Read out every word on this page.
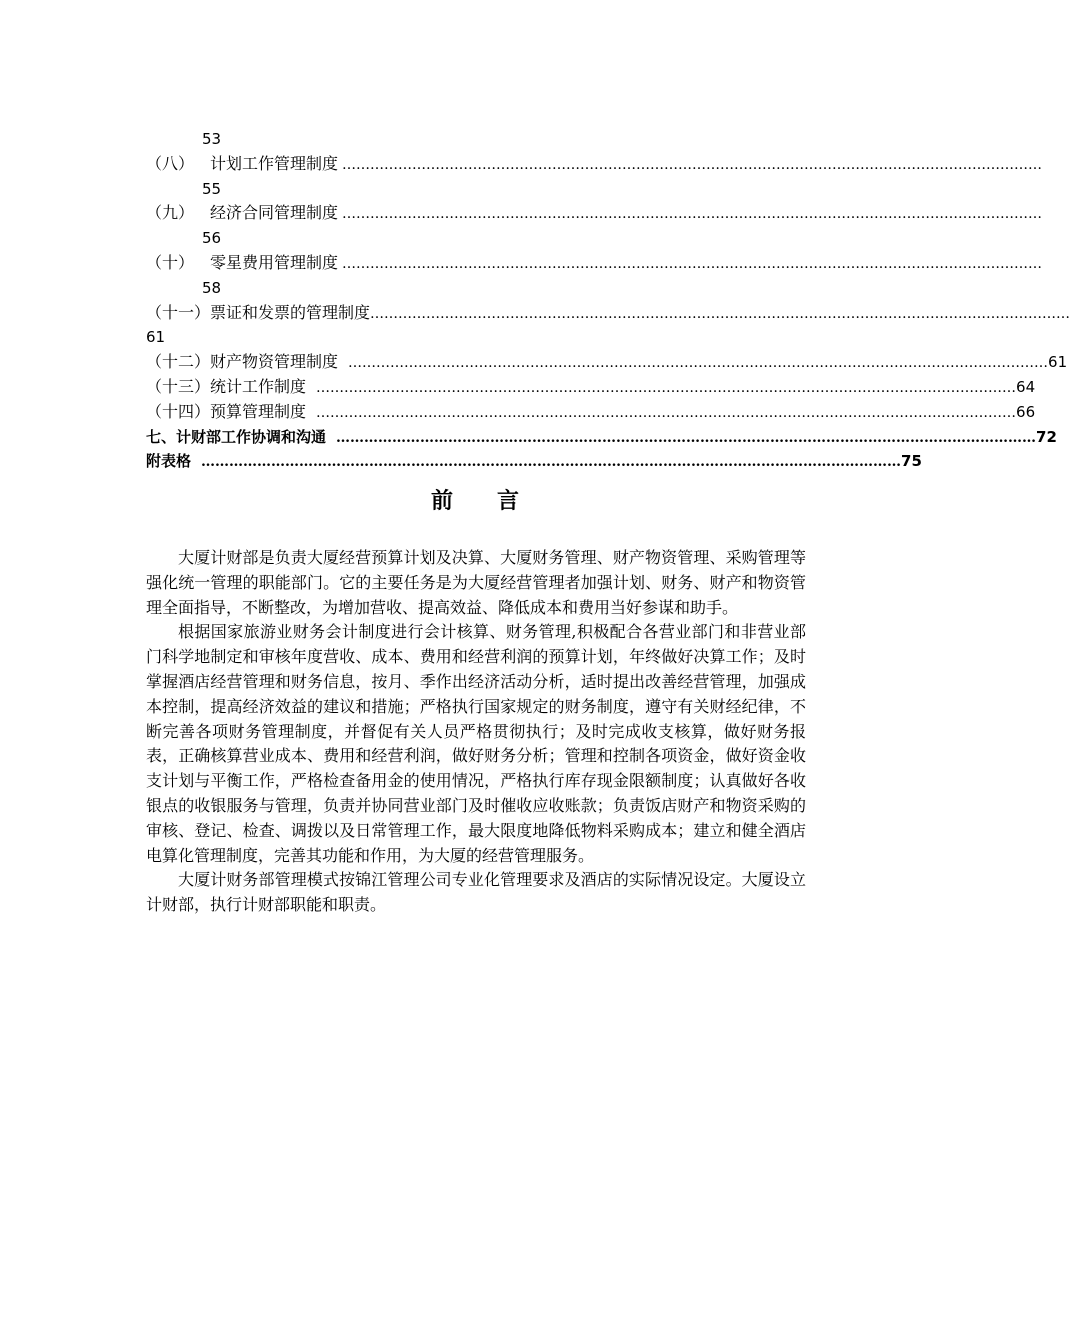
53
（八） 计划工作管理制度 ……………………………………………………………………………………………………………………………………
55
（九） 经济合同管理制度 ……………………………………………………………………………………………………………………………………
56
（十） 零星费用管理制度 ……………………………………………………………………………………………………………………………………
58
（十一）票证和发票的管理制度 ……………………………………………………………………………………………………………………………………
61
（十二）财产物资管理制度 …………………………………………………………………………………………………………………………………… 61
（十三）统计工作制度 …………………………………………………………………………………………………………………………………… 64
（十四）预算管理制度 …………………………………………………………………………………………………………………………………… 66
七、计财部工作协调和沟通 …………………………………………………………………………………………………………………………………… 72
附表格 …………………………………………………………………………………………………………………………………… 75
前 言

大厦计财部是负责大厦经营预算计划及决算、大厦财务管理、财产物资管理、采购管理等强化统一管理的职能部门。它的主要任务是为大厦经营管理者加强计划、财务、财产和物资管理全面指导，不断整改，为增加营收、提高效益、降低成本和费用当好参谋和助手。

根据国家旅游业财务会计制度进行会计核算、财务管理,积极配合各营业部门和非营业部门科学地制定和审核年度营收、成本、费用和经营利润的预算计划，年终做好决算工作；及时掌握酒店经营管理和财务信息，按月、季作出经济活动分析，适时提出改善经营管理，加强成本控制，提高经济效益的建议和措施；严格执行国家规定的财务制度，遵守有关财经纪律，不断完善各项财务管理制度，并督促有关人员严格贯彻执行；及时完成收支核算，做好财务报表，正确核算营业成本、费用和经营利润，做好财务分析；管理和控制各项资金，做好资金收支计划与平衡工作，严格检查备用金的使用情况，严格执行库存现金限额制度；认真做好各收银点的收银服务与管理，负责并协同营业部门及时催收应收账款；负责饭店财产和物资采购的审核、登记、检查、调拨以及日常管理工作，最大限度地降低物料采购成本；建立和健全酒店电算化管理制度，完善其功能和作用，为大厦的经营管理服务。

大厦计财务部管理模式按锦江管理公司专业化管理要求及酒店的实际情况设定。大厦设立计财部，执行计财部职能和职责。
